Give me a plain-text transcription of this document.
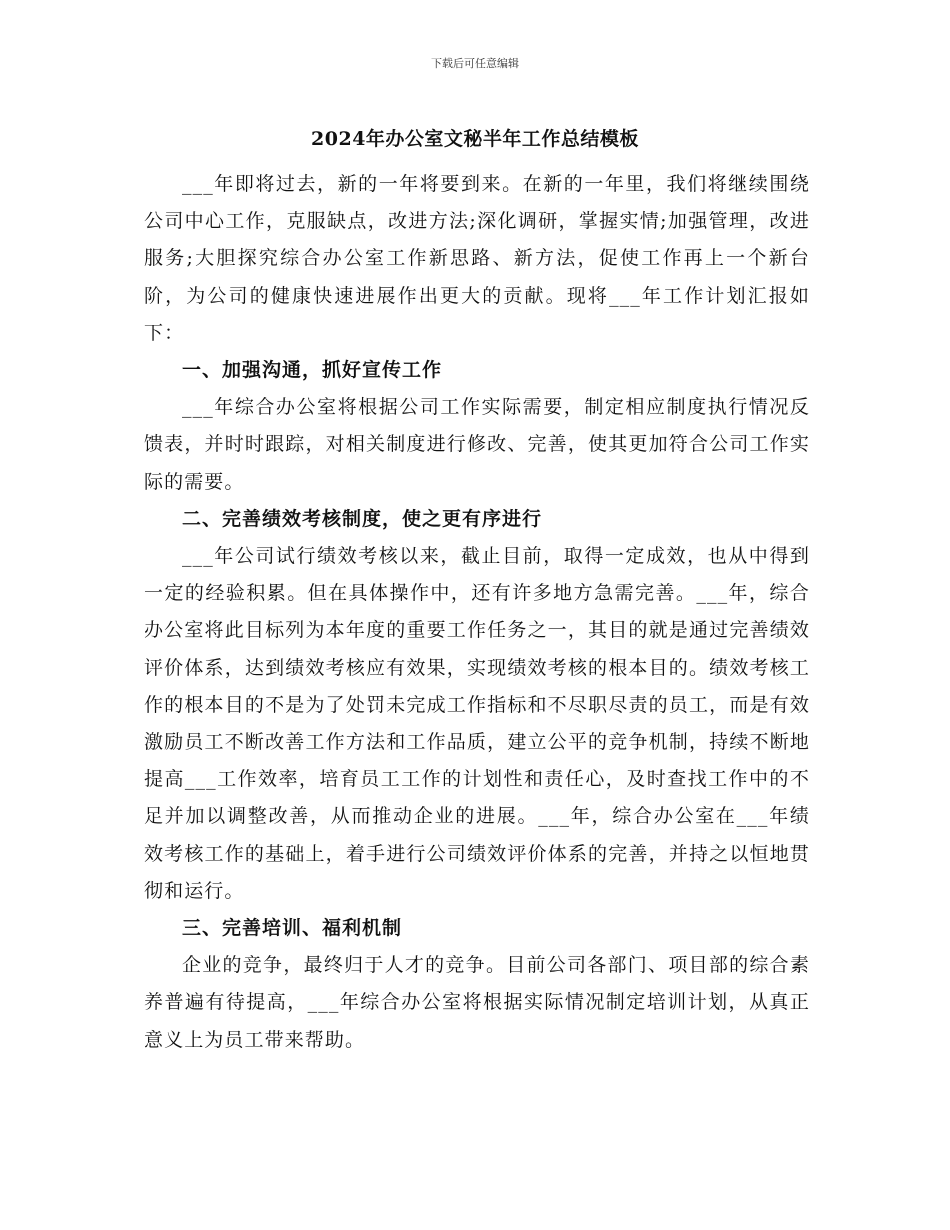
下载后可任意编辑
2024年办公室文秘半年工作总结模板

___年即将过去，新的一年将要到来。在新的一年里，我们将继续围绕公司中心工作，克服缺点，改进方法;深化调研，掌握实情;加强管理，改进服务;大胆探究综合办公室工作新思路、新方法，促使工作再上一个新台阶，为公司的健康快速进展作出更大的贡献。现将___年工作计划汇报如下：

一、加强沟通，抓好宣传工作

___年综合办公室将根据公司工作实际需要，制定相应制度执行情况反馈表，并时时跟踪，对相关制度进行修改、完善，使其更加符合公司工作实际的需要。

二、完善绩效考核制度，使之更有序进行

___年公司试行绩效考核以来，截止目前，取得一定成效，也从中得到一定的经验积累。但在具体操作中，还有许多地方急需完善。___年，综合办公室将此目标列为本年度的重要工作任务之一，其目的就是通过完善绩效评价体系，达到绩效考核应有效果，实现绩效考核的根本目的。绩效考核工作的根本目的不是为了处罚未完成工作指标和不尽职尽责的员工，而是有效激励员工不断改善工作方法和工作品质，建立公平的竞争机制，持续不断地提高___工作效率，培育员工工作的计划性和责任心，及时查找工作中的不足并加以调整改善，从而推动企业的进展。___年，综合办公室在___年绩效考核工作的基础上，着手进行公司绩效评价体系的完善，并持之以恒地贯彻和运行。

三、完善培训、福利机制

企业的竞争，最终归于人才的竞争。目前公司各部门、项目部的综合素养普遍有待提高，___年综合办公室将根据实际情况制定培训计划，从真正意义上为员工带来帮助。
